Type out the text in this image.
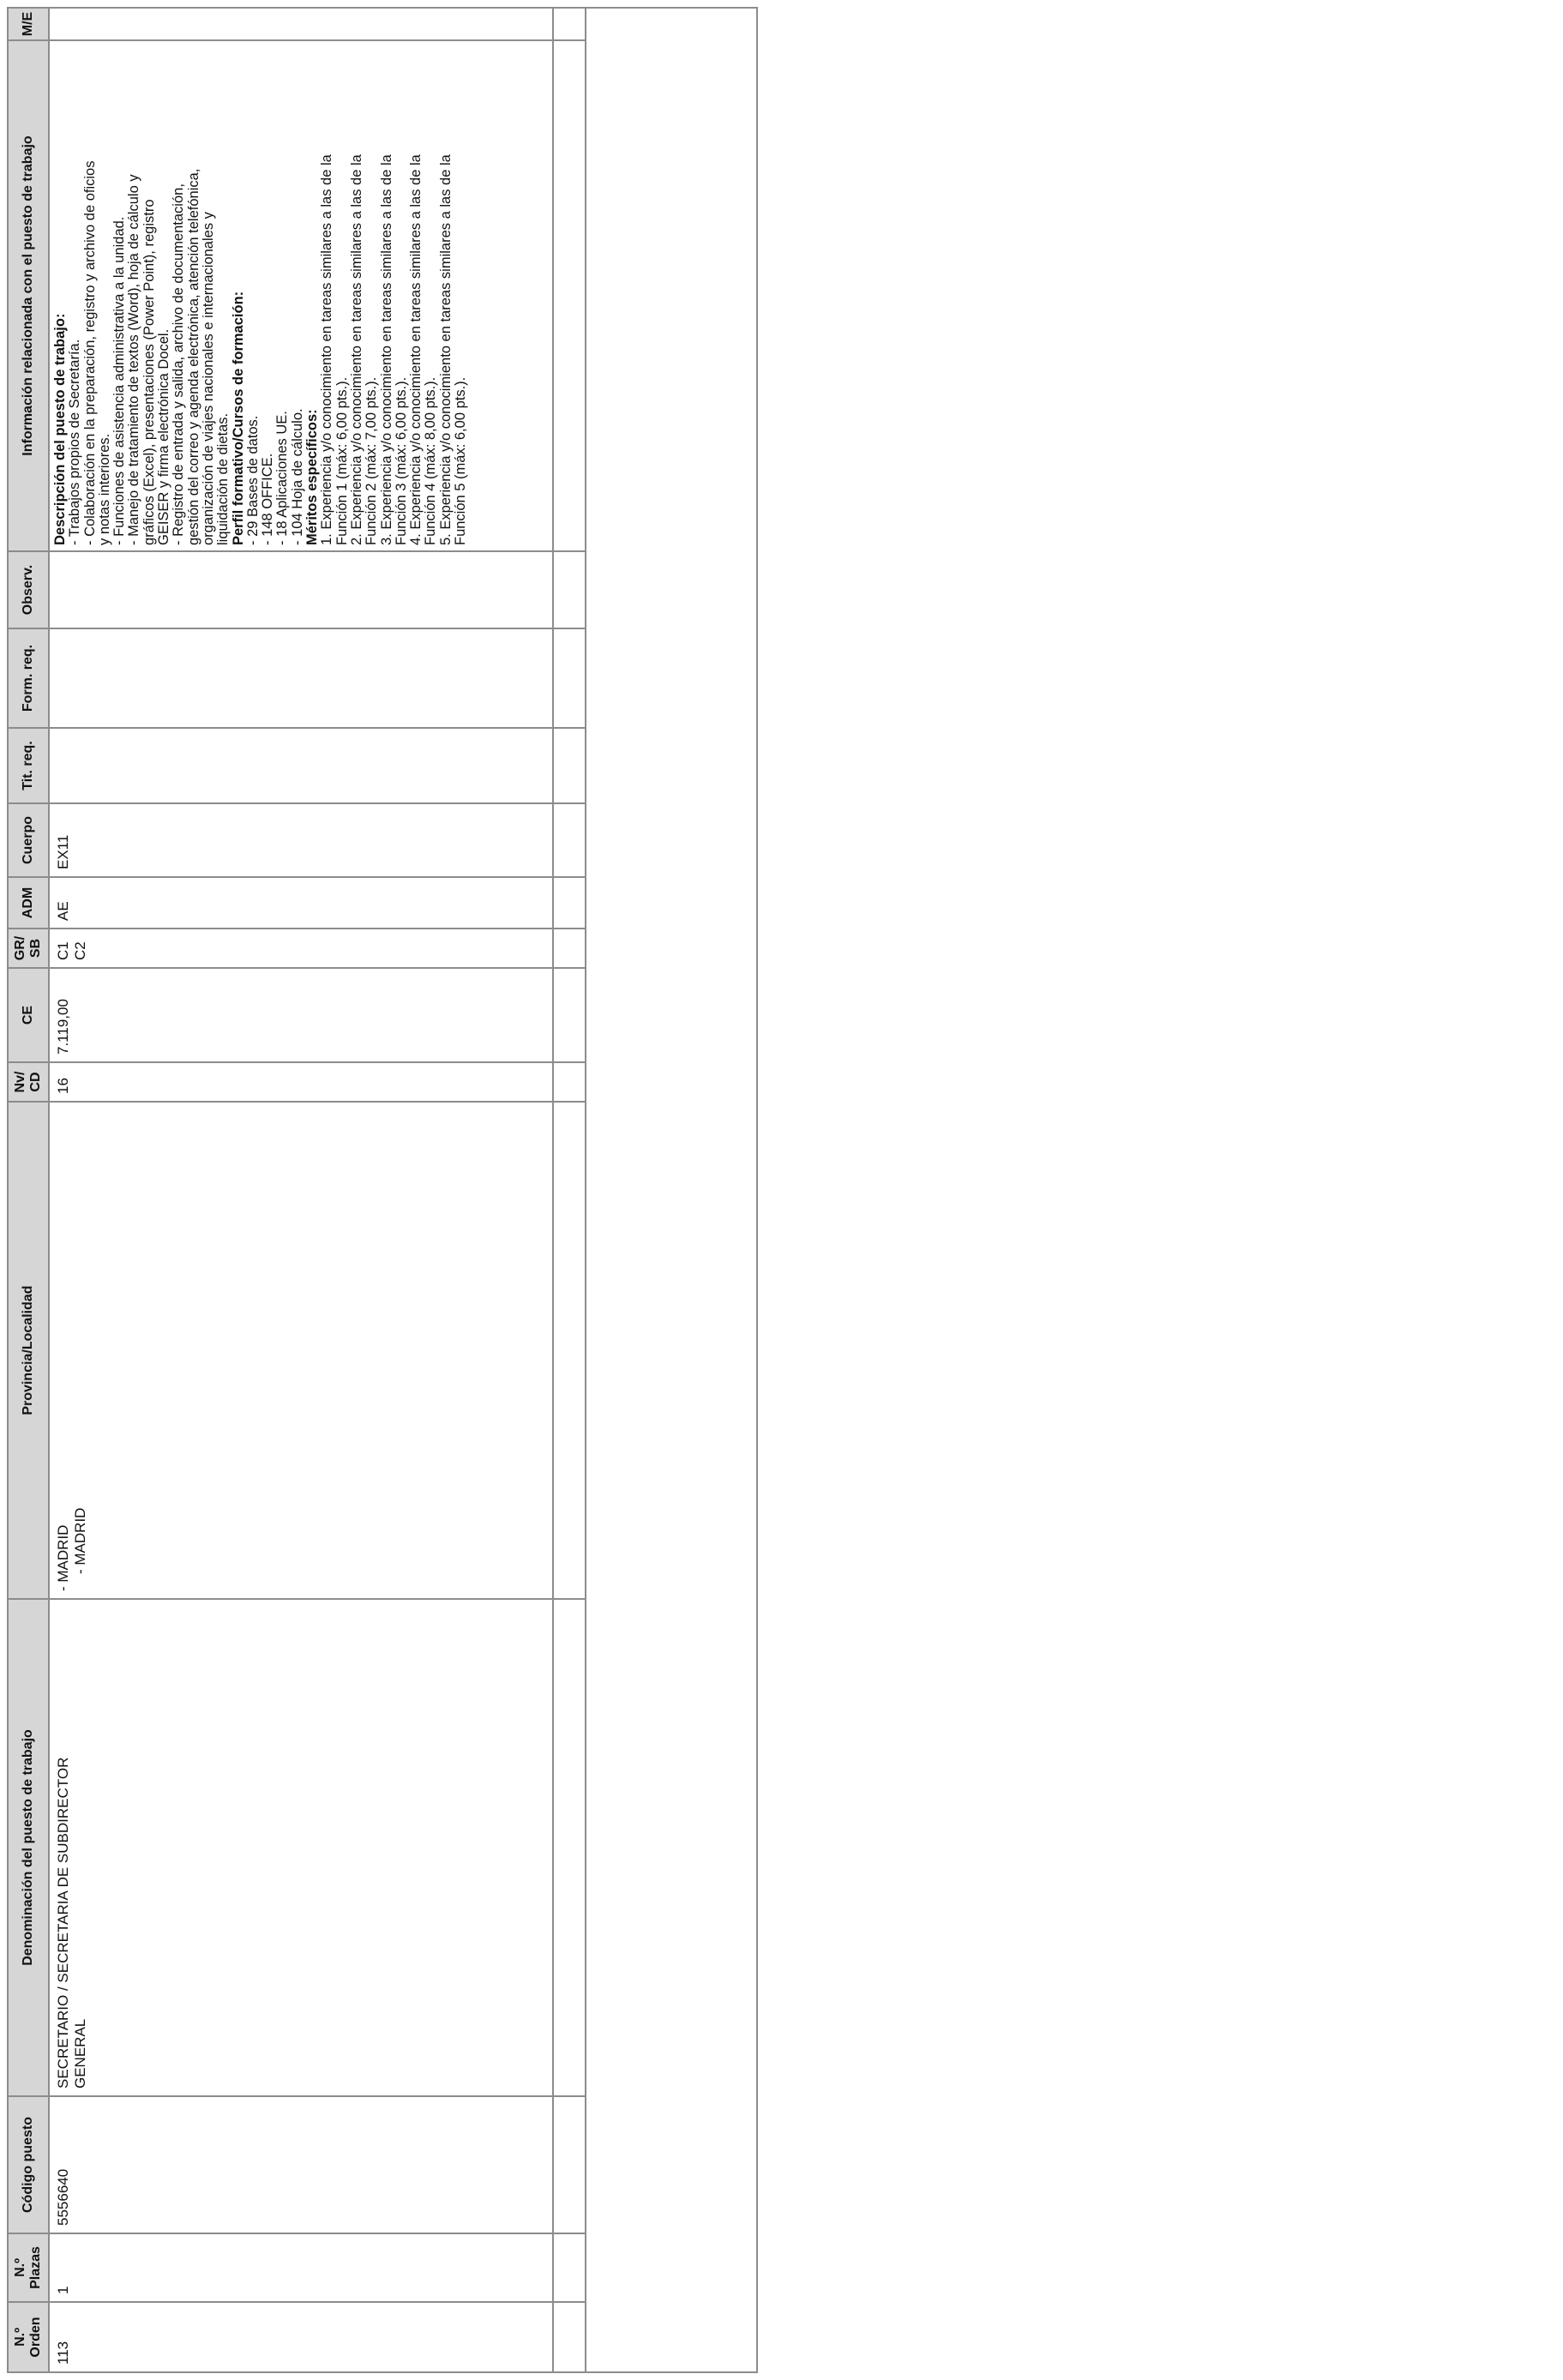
N.º Orden
N.º Plazas
Código puesto
Denominación del puesto de trabajo
Provincia/Localidad
Nv/ CD
CE
GR/ SB
ADM
Cuerpo
Tit. req.
Form. req.
Observ.
Información relacionada con el puesto de trabajo
M/E
113
1
5556640
SECRETARIO / SECRETARIA DE SUBDIRECTOR GENERAL
- MADRID - MADRID
16
7.119,00
C1 C2
AE
EX11
Descripción del puesto de trabajo: - Trabajos propios de Secretaría. - Colaboración en la preparación, registro y archivo de oficios y notas interiores. - Funciones de asistencia administrativa a la unidad. - Manejo de tratamiento de textos (Word), hoja de cálculo y gráficos (Excel), presentaciones (Power Point), registro GEISER y firma electrónica Docel. - Registro de entrada y salida, archivo de documentación, gestión del correo y agenda electrónica, atención telefónica, organización de viajes nacionales e internacionales y liquidación de dietas. Perfil formativo/Cursos de formación: - 29 Bases de datos. - 148 OFFICE. - 18 Aplicaciones UE. - 104 Hoja de cálculo. Méritos específicos: 1. Experiencia y/o conocimiento en tareas similares a las de la Función 1 (máx: 6,00 pts.). 2. Experiencia y/o conocimiento en tareas similares a las de la Función 2 (máx: 7,00 pts.). 3. Experiencia y/o conocimiento en tareas similares a las de la Función 3 (máx: 6,00 pts.). 4. Experiencia y/o conocimiento en tareas similares a las de la Función 4 (máx: 8,00 pts.). 5. Experiencia y/o conocimiento en tareas similares a las de la Función 5 (máx: 6,00 pts.).
